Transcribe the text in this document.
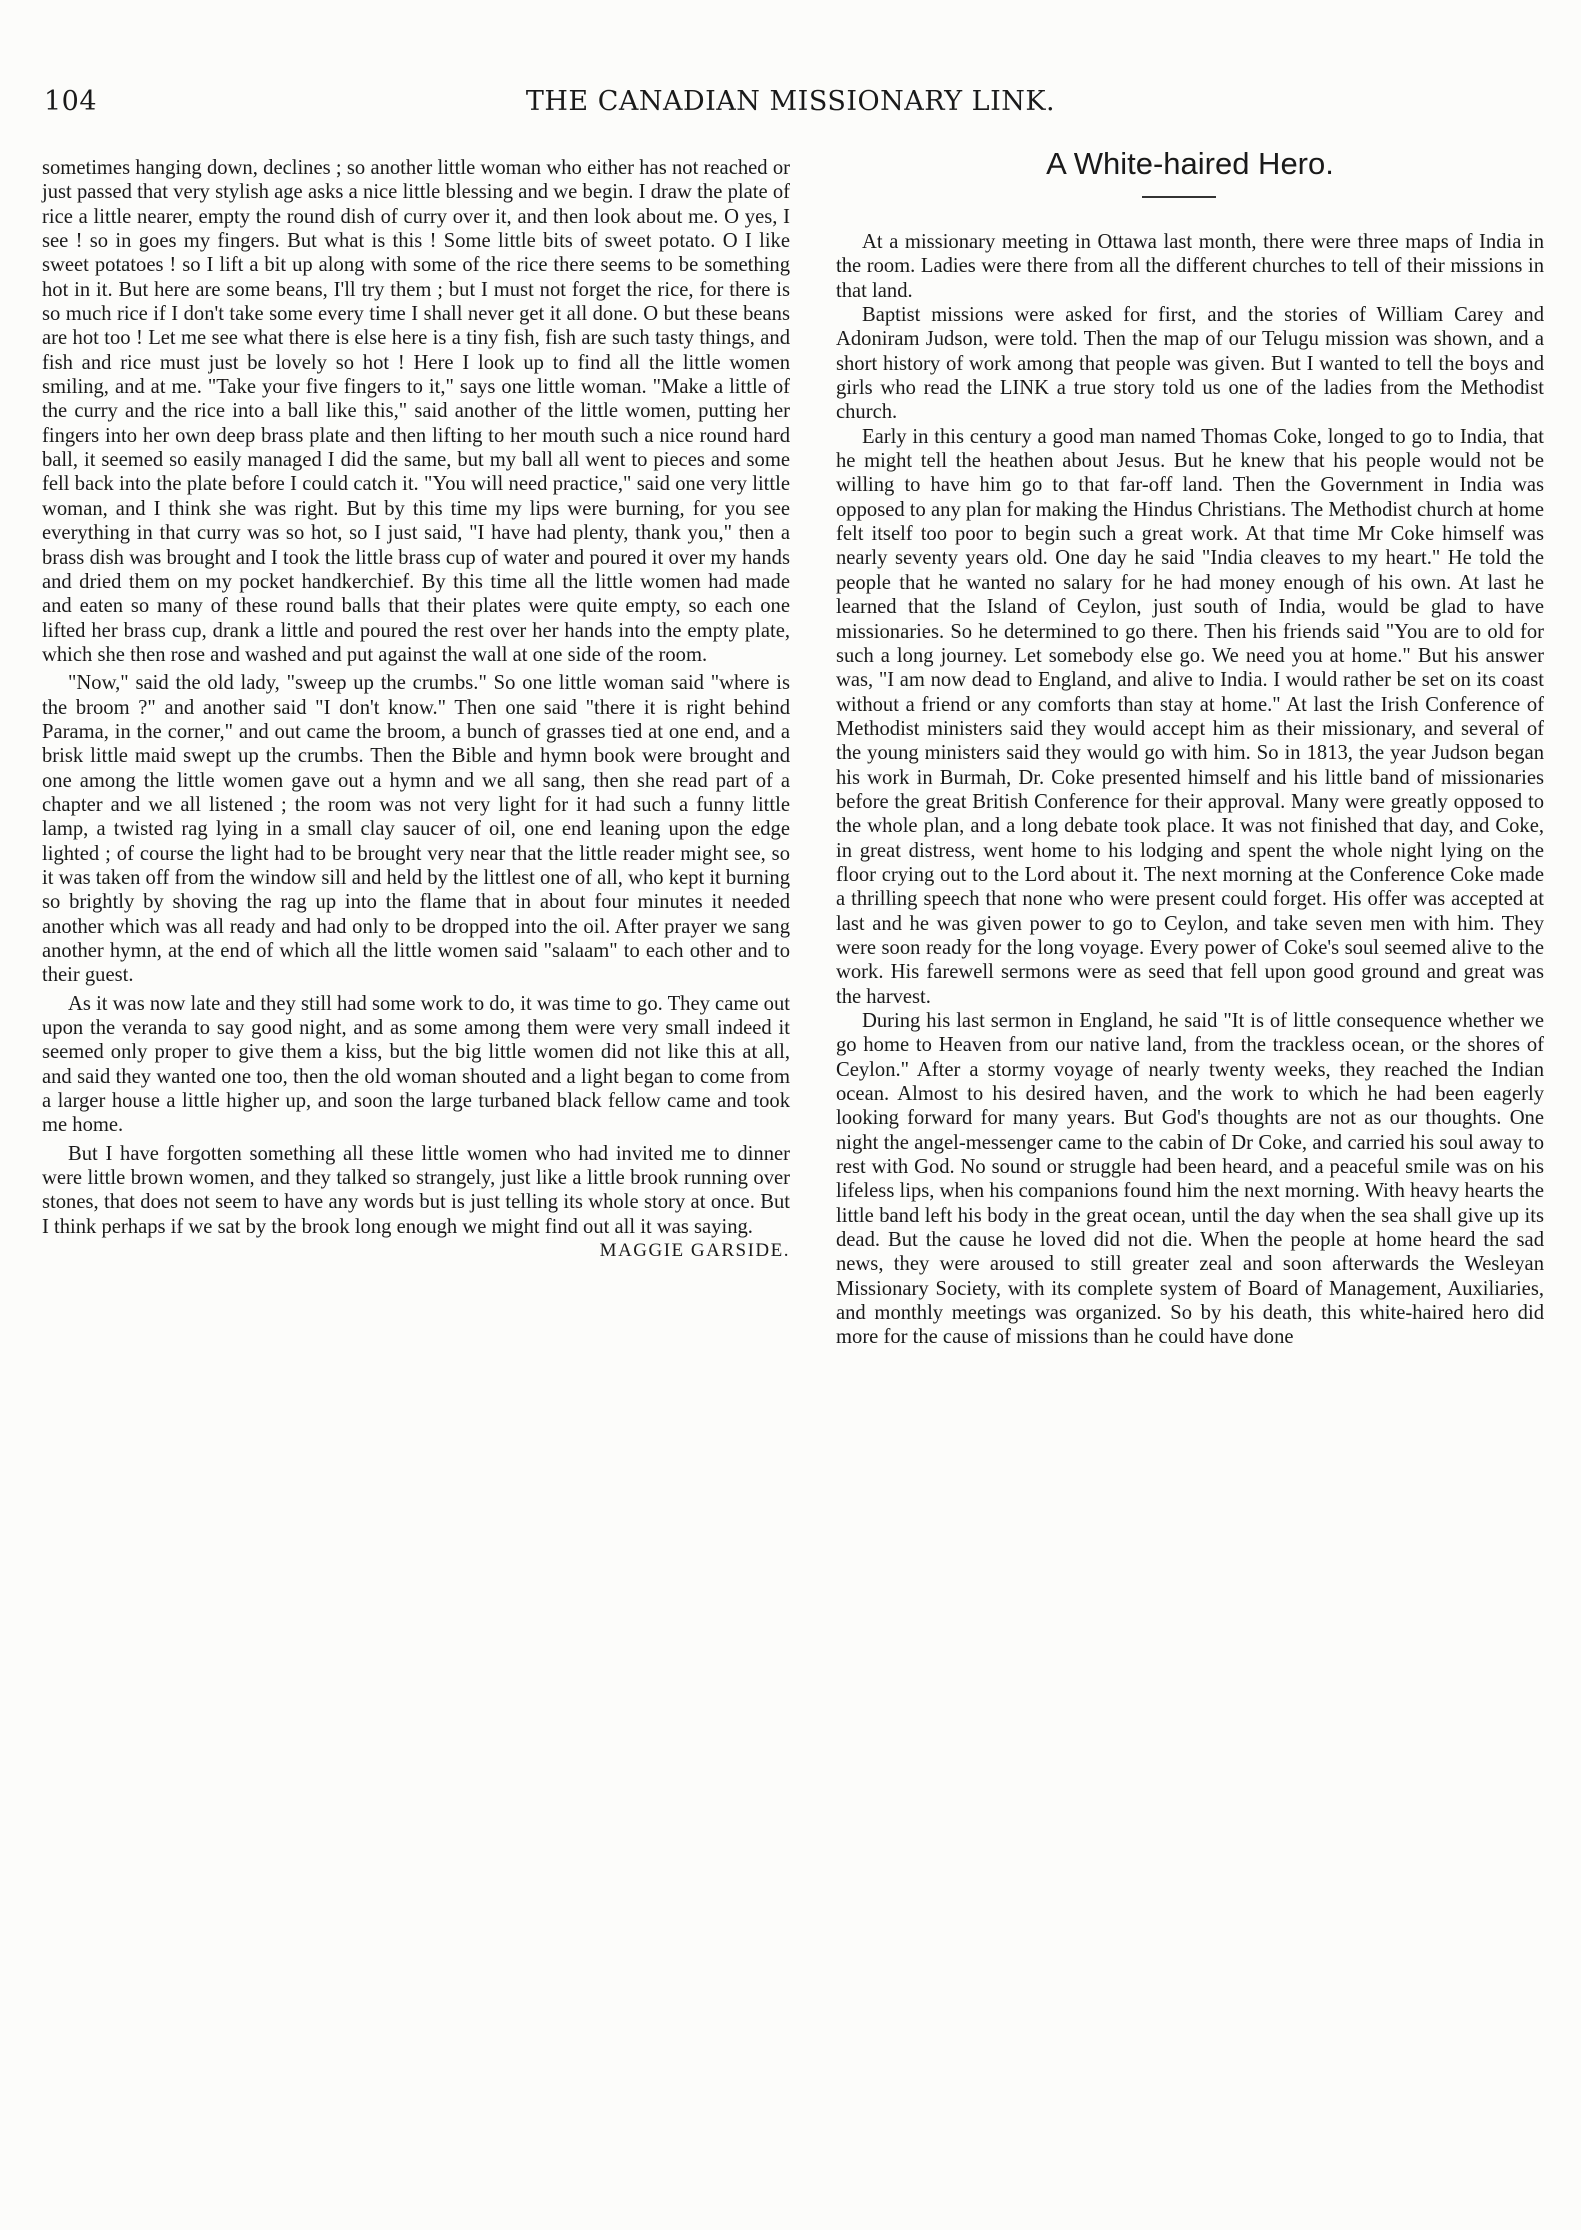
104	THE CANADIAN MISSIONARY LINK.

sometimes hanging down, declines ; so another little woman who either has not reached or just passed that very stylish age asks a nice little blessing and we begin. I draw the plate of rice a little nearer, empty the round dish of curry over it, and then look about me. O yes, I see ! so in goes my fingers. But what is this ! Some little bits of sweet potato. O I like sweet potatoes ! so I lift a bit up along with some of the rice there seems to be something hot in it. But here are some beans, I'll try them ; but I must not forget the rice, for there is so much rice if I don't take some every time I shall never get it all done. O but these beans are hot too ! Let me see what there is else here is a tiny fish, fish are such tasty things, and fish and rice must just be lovely so hot ! Here I look up to find all the little women smiling, and at me. "Take your five fingers to it," says one little woman. "Make a little of the curry and the rice into a ball like this," said another of the little women, putting her fingers into her own deep brass plate and then lifting to her mouth such a nice round hard ball, it seemed so easily managed I did the same, but my ball all went to pieces and some fell back into the plate before I could catch it. "You will need practice," said one very little woman, and I think she was right. But by this time my lips were burning, for you see everything in that curry was so hot, so I just said, "I have had plenty, thank you," then a brass dish was brought and I took the little brass cup of water and poured it over my hands and dried them on my pocket handkerchief. By this time all the little women had made and eaten so many of these round balls that their plates were quite empty, so each one lifted her brass cup, drank a little and poured the rest over her hands into the empty plate, which she then rose and washed and put against the wall at one side of the room.

"Now," said the old lady, "sweep up the crumbs." So one little woman said "where is the broom ?" and another said "I don't know." Then one said "there it is right behind Parama, in the corner," and out came the broom, a bunch of grasses tied at one end, and a brisk little maid swept up the crumbs. Then the Bible and hymn book were brought and one among the little women gave out a hymn and we all sang, then she read part of a chapter and we all listened ; the room was not very light for it had such a funny little lamp, a twisted rag lying in a small clay saucer of oil, one end leaning upon the edge lighted ; of course the light had to be brought very near that the little reader might see, so it was taken off from the window sill and held by the littlest one of all, who kept it burning so brightly by shoving the rag up into the flame that in about four minutes it needed another which was all ready and had only to be dropped into the oil. After prayer we sang another hymn, at the end of which all the little women said "salaam" to each other and to their guest.

As it was now late and they still had some work to do, it was time to go. They came out upon the veranda to say good night, and as some among them were very small indeed it seemed only proper to give them a kiss, but the big little women did not like this at all, and said they wanted one too, then the old woman shouted and a light began to come from a larger house a little higher up, and soon the large turbaned black fellow came and took me home.

But I have forgotten something all these little women who had invited me to dinner were little brown women, and they talked so strangely, just like a little brook running over stones, that does not seem to have any words but is just telling its whole story at once. But I think perhaps if we sat by the brook long enough we might find out all it was saying.
MAGGIE GARSIDE.

A White-haired Hero.

At a missionary meeting in Ottawa last month, there were three maps of India in the room. Ladies were there from all the different churches to tell of their missions in that land.

Baptist missions were asked for first, and the stories of William Carey and Adoniram Judson, were told. Then the map of our Telugu mission was shown, and a short history of work among that people was given. But I wanted to tell the boys and girls who read the LINK a true story told us one of the ladies from the Methodist church.

Early in this century a good man named Thomas Coke, longed to go to India, that he might tell the heathen about Jesus. But he knew that his people would not be willing to have him go to that far-off land. Then the Government in India was opposed to any plan for making the Hindus Christians. The Methodist church at home felt itself too poor to begin such a great work. At that time Mr Coke himself was nearly seventy years old. One day he said "India cleaves to my heart." He told the people that he wanted no salary for he had money enough of his own. At last he learned that the Island of Ceylon, just south of India, would be glad to have missionaries. So he determined to go there. Then his friends said "You are to old for such a long journey. Let somebody else go. We need you at home." But his answer was, "I am now dead to England, and alive to India. I would rather be set on its coast without a friend or any comforts than stay at home." At last the Irish Conference of Methodist ministers said they would accept him as their missionary, and several of the young ministers said they would go with him. So in 1813, the year Judson began his work in Burmah, Dr. Coke presented himself and his little band of missionaries before the great British Conference for their approval. Many were greatly opposed to the whole plan, and a long debate took place. It was not finished that day, and Coke, in great distress, went home to his lodging and spent the whole night lying on the floor crying out to the Lord about it. The next morning at the Conference Coke made a thrilling speech that none who were present could forget. His offer was accepted at last and he was given power to go to Ceylon, and take seven men with him. They were soon ready for the long voyage. Every power of Coke's soul seemed alive to the work. His farewell sermons were as seed that fell upon good ground and great was the harvest.

During his last sermon in England, he said "It is of little consequence whether we go home to Heaven from our native land, from the trackless ocean, or the shores of Ceylon." After a stormy voyage of nearly twenty weeks, they reached the Indian ocean. Almost to his desired haven, and the work to which he had been eagerly looking forward for many years. But God's thoughts are not as our thoughts. One night the angel-messenger came to the cabin of Dr Coke, and carried his soul away to rest with God. No sound or struggle had been heard, and a peaceful smile was on his lifeless lips, when his companions found him the next morning. With heavy hearts the little band left his body in the great ocean, until the day when the sea shall give up its dead. But the cause he loved did not die. When the people at home heard the sad news, they were aroused to still greater zeal and soon afterwards the Wesleyan Missionary Society, with its complete system of Board of Management, Auxiliaries, and monthly meetings was organized. So by his death, this white-haired hero did more for the cause of missions than he could have done
